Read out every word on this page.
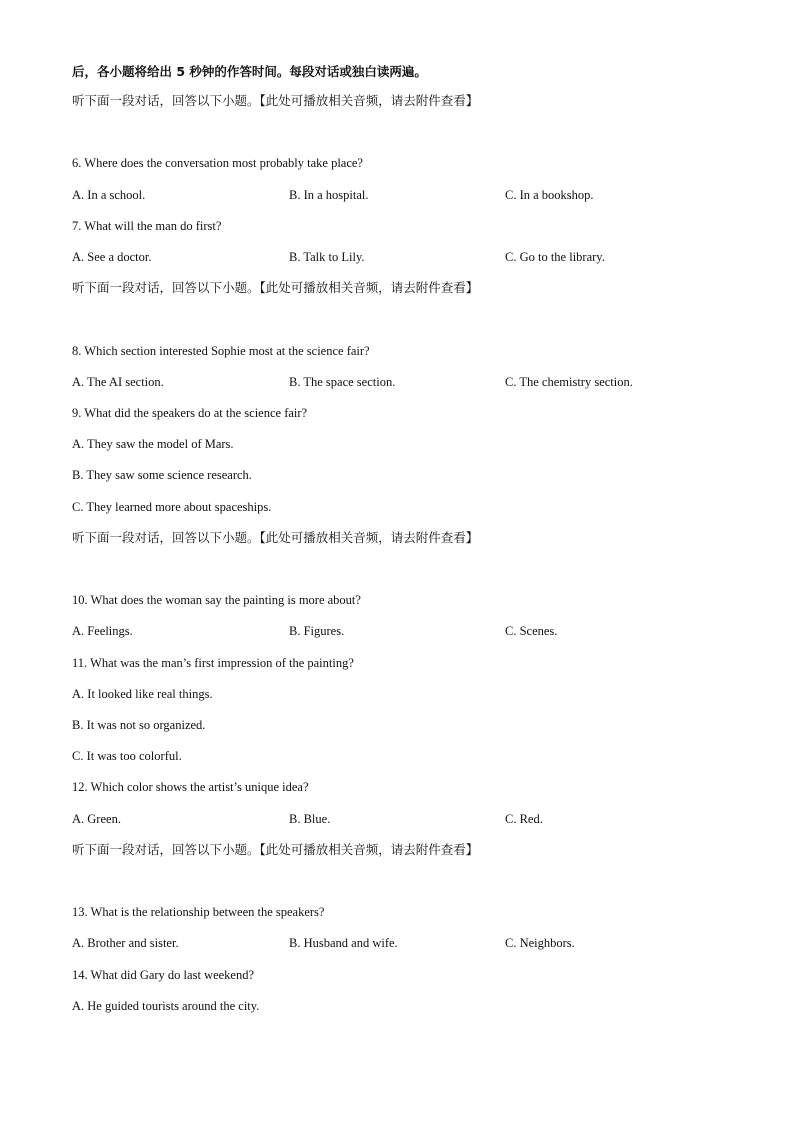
后，各小题将给出 5 秒钟的作答时间。每段对话或独白读两遍。
听下面一段对话，回答以下小题。【此处可播放相关音频，请去附件查看】
6. Where does the conversation most probably take place?
A. In a school.	B. In a hospital.	C. In a bookshop.
7. What will the man do first?
A. See a doctor.	B. Talk to Lily.	C. Go to the library.
听下面一段对话，回答以下小题。【此处可播放相关音频，请去附件查看】
8. Which section interested Sophie most at the science fair?
A. The AI section.	B. The space section.	C. The chemistry section.
9. What did the speakers do at the science fair?
A. They saw the model of Mars.
B. They saw some science research.
C. They learned more about spaceships.
听下面一段对话，回答以下小题。【此处可播放相关音频，请去附件查看】
10. What does the woman say the painting is more about?
A. Feelings.	B. Figures.	C. Scenes.
11. What was the man’s first impression of the painting?
A. It looked like real things.
B. It was not so organized.
C. It was too colorful.
12. Which color shows the artist’s unique idea?
A. Green.	B. Blue.	C. Red.
听下面一段对话，回答以下小题。【此处可播放相关音频，请去附件查看】
13. What is the relationship between the speakers?
A. Brother and sister.	B. Husband and wife.	C. Neighbors.
14. What did Gary do last weekend?
A. He guided tourists around the city.
